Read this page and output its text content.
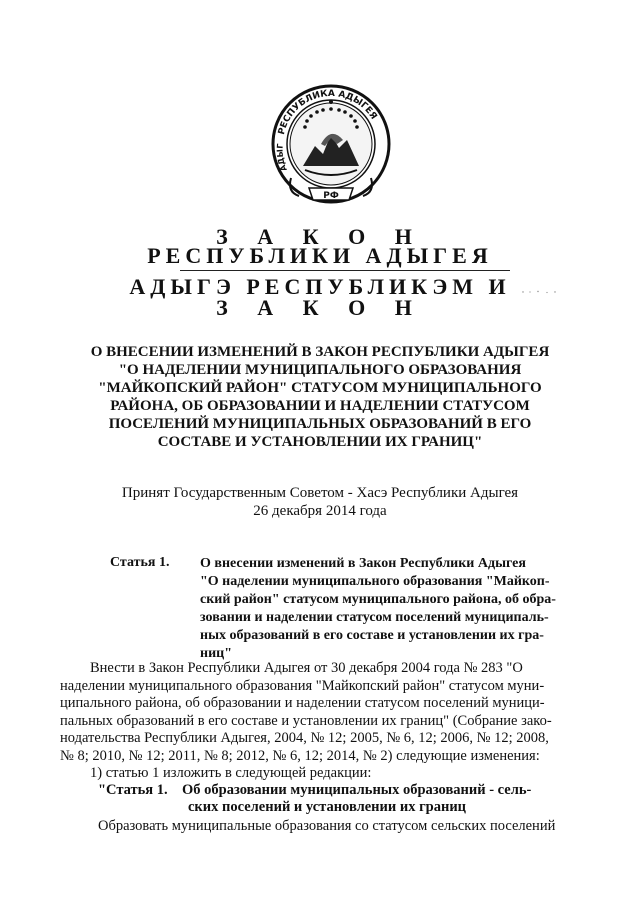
РЕСПУБЛИКА АДЫГЕЯ
АДЫГ
РФ
З А К О Н
РЕСПУБЛИКИ АДЫГЕЯ
АДЫГЭ РЕСПУБЛИКЭМ И
З А К О Н
О ВНЕСЕНИИ ИЗМЕНЕНИЙ В ЗАКОН РЕСПУБЛИКИ АДЫГЕЯ
"О НАДЕЛЕНИИ МУНИЦИПАЛЬНОГО ОБРАЗОВАНИЯ
"МАЙКОПСКИЙ РАЙОН" СТАТУСОМ МУНИЦИПАЛЬНОГО
РАЙОНА, ОБ ОБРАЗОВАНИИ И НАДЕЛЕНИИ СТАТУСОМ
ПОСЕЛЕНИЙ МУНИЦИПАЛЬНЫХ ОБРАЗОВАНИЙ В ЕГО
СОСТАВЕ И УСТАНОВЛЕНИИ ИХ ГРАНИЦ"
Принят Государственным Советом - Хасэ Республики Адыгея
26 декабря 2014 года
Статья 1. О внесении изменений в Закон Республики Адыгея
"О наделении муниципального образования "Майкоп-
ский район" статусом муниципального района, об обра-
зовании и наделении статусом поселений муниципаль-
ных образований в его составе и установлении их гра-
ниц"
Внести в Закон Республики Адыгея от 30 декабря 2004 года № 283 "О
наделении муниципального образования "Майкопский район" статусом муни-
ципального района, об образовании и наделении статусом поселений муници-
пальных образований в его составе и установлении их границ" (Собрание зако-
нодательства Республики Адыгея, 2004, № 12; 2005, № 6, 12; 2006, № 12; 2008,
№ 8; 2010, № 12; 2011, № 8; 2012, № 6, 12; 2014, № 2) следующие изменения:
1) статью 1 изложить в следующей редакции:
"Статья 1. Об образовании муниципальных образований - сель-
ских поселений и установлении их границ
Образовать муниципальные образования со статусом сельских поселений
